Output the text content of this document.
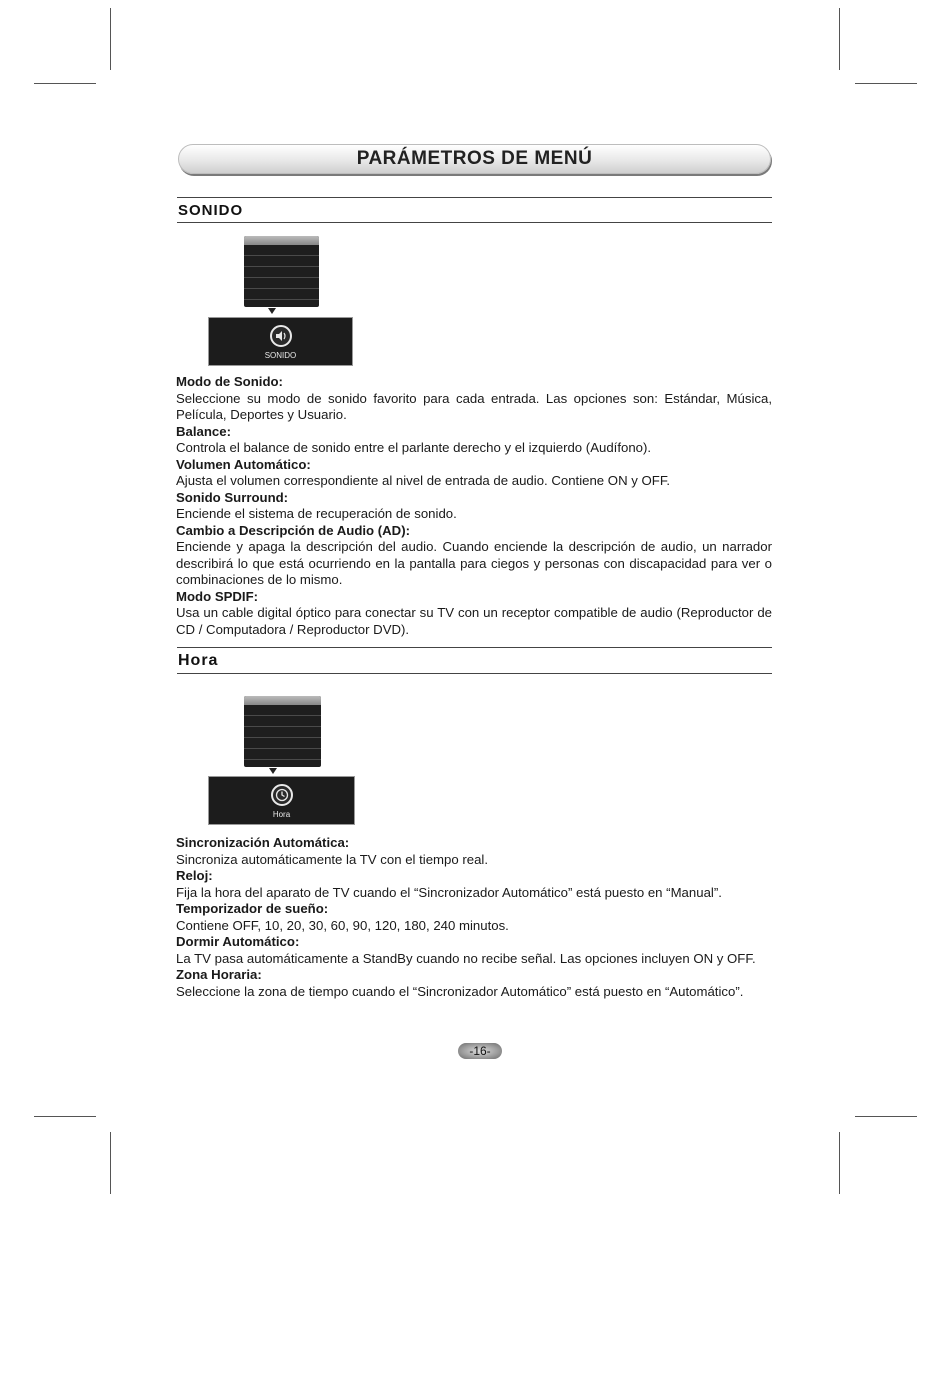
PARÁMETROS DE MENÚ
SONIDO
SONIDO

Modo de Sonido:

Seleccione su modo de sonido favorito para cada entrada. Las opciones son: Estándar, Música, Película, Deportes y Usuario.

Balance:

Controla el balance de sonido entre el parlante derecho y el izquierdo (Audífono).

Volumen Automático:

Ajusta el volumen correspondiente al nivel de entrada de audio. Contiene ON y OFF.

Sonido Surround:

Enciende el sistema de recuperación de sonido.

Cambio a Descripción de Audio (AD):

Enciende y apaga la descripción del audio. Cuando enciende la descripción de audio, un narrador describirá lo que está ocurriendo en la pantalla para ciegos y personas con discapacidad para ver o combinaciones de lo mismo.

Modo SPDIF:

Usa un cable digital óptico para conectar su TV con un receptor compatible de audio (Reproductor de CD / Computadora / Reproductor DVD).

Hora
Hora

Sincronización Automática:

Sincroniza automáticamente la TV con el tiempo real.

Reloj:

Fija la hora del aparato de TV cuando el “Sincronizador Automático” está puesto en “Manual”.

Temporizador de sueño:

Contiene OFF, 10, 20, 30, 60, 90, 120, 180, 240 minutos.

Dormir Automático:

La TV pasa automáticamente a StandBy cuando no recibe señal. Las opciones incluyen ON y OFF.

Zona Horaria:

Seleccione la zona de tiempo cuando el “Sincronizador Automático” está puesto en “Automático”.

-16-
